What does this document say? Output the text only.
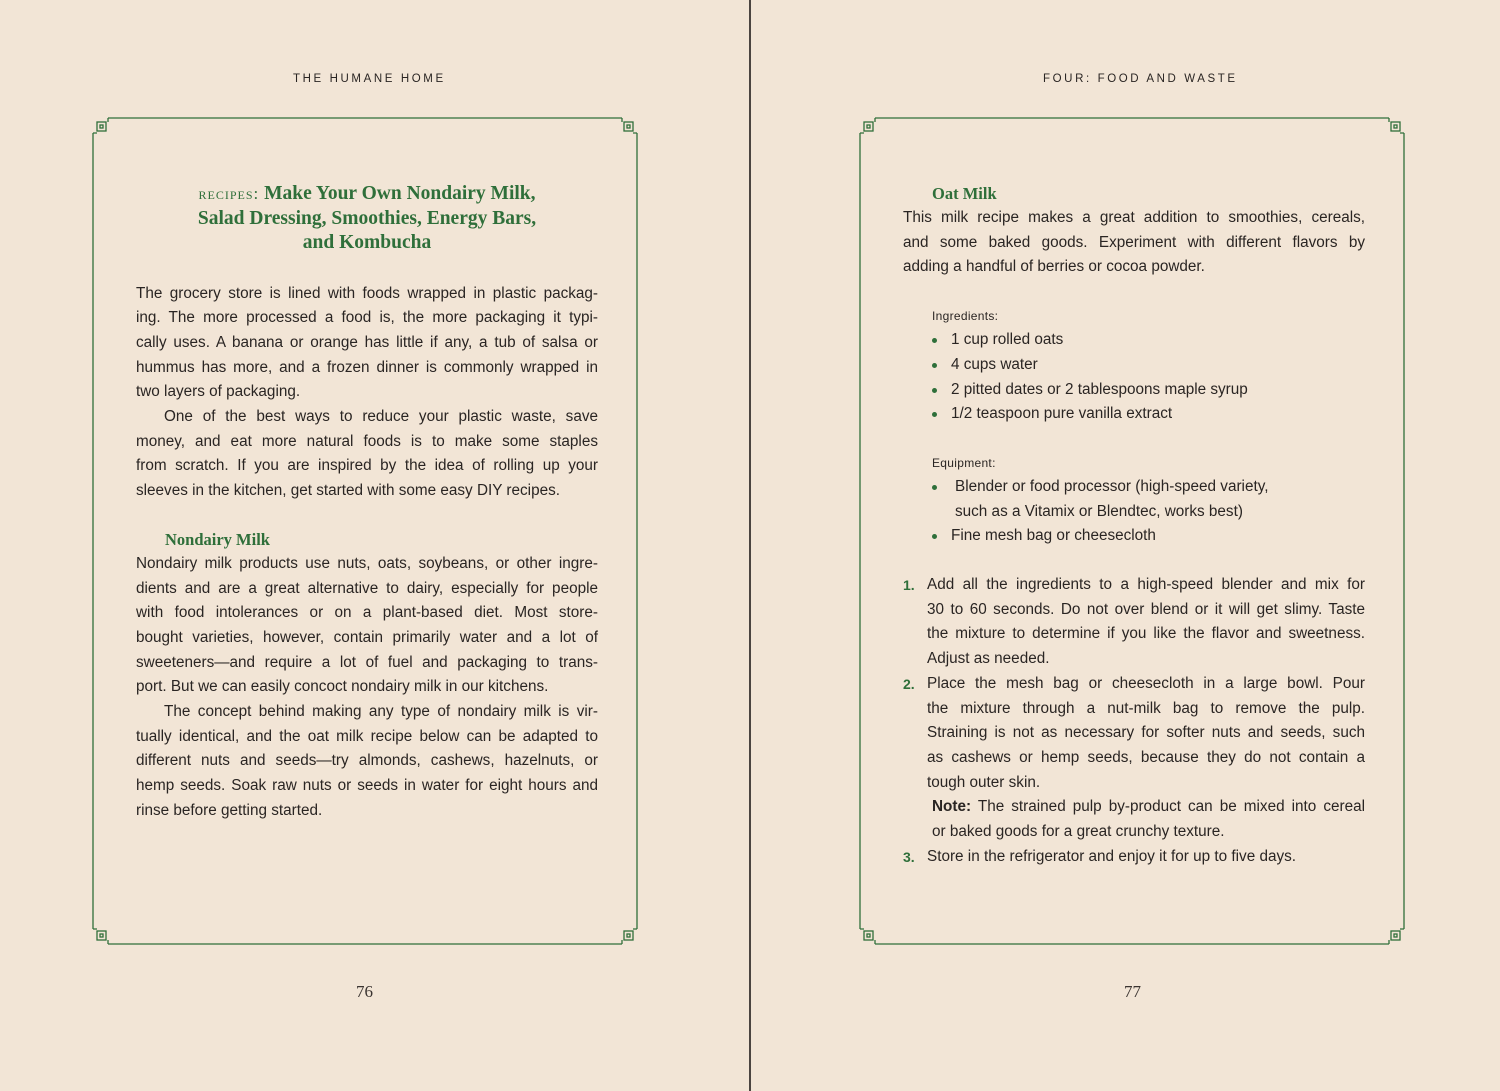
THE HUMANE HOME
recipes: Make Your Own Nondairy Milk,
Salad Dressing, Smoothies, Energy Bars,
and Kombucha

The grocery store is lined with foods wrapped in plastic packag-
ing. The more processed a food is, the more packaging it typi-
cally uses. A banana or orange has little if any, a tub of salsa or
hummus has more, and a frozen dinner is commonly wrapped in
two layers of packaging.

One of the best ways to reduce your plastic waste, save
money, and eat more natural foods is to make some staples
from scratch. If you are inspired by the idea of rolling up your
sleeves in the kitchen, get started with some easy DIY recipes.

Nondairy Milk

Nondairy milk products use nuts, oats, soybeans, or other ingre-
dients and are a great alternative to dairy, especially for people
with food intolerances or on a plant-based diet. Most store-
bought varieties, however, contain primarily water and a lot of
sweeteners—and require a lot of fuel and packaging to trans-
port. But we can easily concoct nondairy milk in our kitchens.

The concept behind making any type of nondairy milk is vir-
tually identical, and the oat milk recipe below can be adapted to
different nuts and seeds—try almonds, cashews, hazelnuts, or
hemp seeds. Soak raw nuts or seeds in water for eight hours and
rinse before getting started.

76
FOUR: FOOD AND WASTE
Oat Milk

This milk recipe makes a great addition to smoothies, cereals,
and some baked goods. Experiment with different flavors by
adding a handful of berries or cocoa powder.

Ingredients:
1 cup rolled oats
4 cups water
2 pitted dates or 2 tablespoons maple syrup
1/2 teaspoon pure vanilla extract
Equipment:
Blender or food processor (high-speed variety,
such as a Vitamix or Blendtec, works best)
Fine mesh bag or cheesecloth
1. Add all the ingredients to a high-speed blender and mix for
30 to 60 seconds. Do not over blend or it will get slimy. Taste
the mixture to determine if you like the flavor and sweetness.
Adjust as needed.
2. Place the mesh bag or cheesecloth in a large bowl. Pour
the mixture through a nut-milk bag to remove the pulp.
Straining is not as necessary for softer nuts and seeds, such
as cashews or hemp seeds, because they do not contain a
tough outer skin.
Note: The strained pulp by-product can be mixed into cereal
or baked goods for a great crunchy texture.
3. Store in the refrigerator and enjoy it for up to five days.
77
